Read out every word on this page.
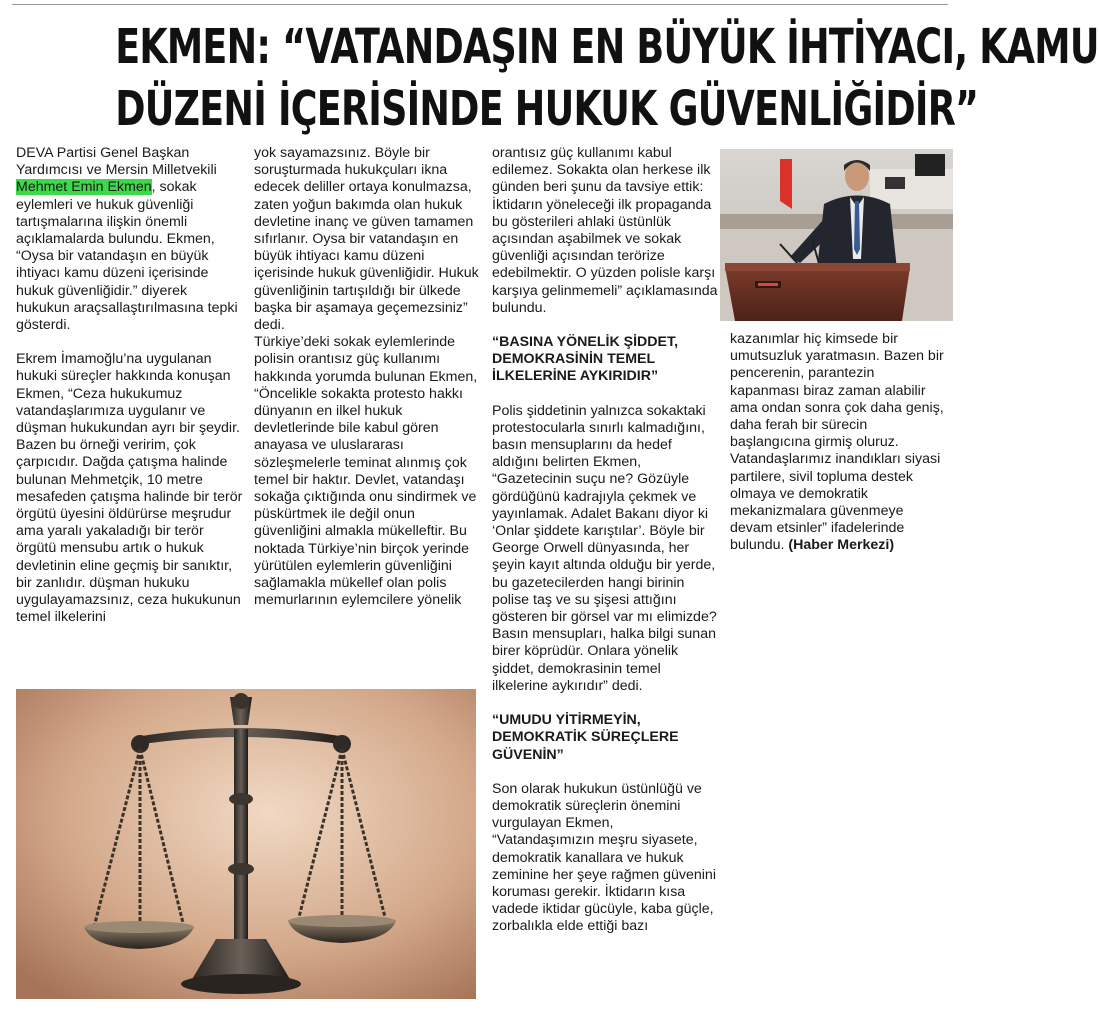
EKMEN: “VATANDAŞIN EN BÜYÜK İHTİYACI, KAMU
DÜZENİ İÇERİSİNDE HUKUK GÜVENLİĞİDİR”

DEVA Partisi Genel Başkan Yardımcısı ve Mersin Milletvekili Mehmet Emin Ekmen, sokak eylemleri ve hukuk güvenliği tartışmalarına ilişkin önemli açıklamalarda bulundu. Ekmen, “Oysa bir vatandaşın en büyük ihtiyacı kamu düzeni içerisinde hukuk güvenliğidir.” diyerek hukukun araçsallaştırılmasına tepki gösterdi.

Ekrem İmamoğlu’na uygulanan hukuki süreçler hakkında konuşan Ekmen, “Ceza hukukumuz vatandaşlarımıza uygulanır ve düşman hukukundan ayrı bir şeydir. Bazen bu örneği veririm, çok çarpıcıdır. Dağda çatışma halinde bulunan Mehmetçik, 10 metre mesafeden çatışma halinde bir terör örgütü üyesini öldürürse meşrudur ama yaralı yakaladığı bir terör örgütü mensubu artık o hukuk devletinin eline geçmiş bir sanıktır, bir zanlıdır. düşman hukuku uygulayamazsınız, ceza hukukunun temel ilkelerini

yok sayamazsınız. Böyle bir soruşturmada hukukçuları ikna edecek deliller ortaya konulmazsa, zaten yoğun bakımda olan hukuk devletine inanç ve güven tamamen sıfırlanır. Oysa bir vatandaşın en büyük ihtiyacı kamu düzeni içerisinde hukuk güvenliğidir. Hukuk güvenliğinin tartışıldığı bir ülkede başka bir aşamaya geçemezsiniz” dedi.

Türkiye’deki sokak eylemlerinde polisin orantısız güç kullanımı hakkında yorumda bulunan Ekmen, “Öncelikle sokakta protesto hakkı dünyanın en ilkel hukuk devletlerinde bile kabul gören anayasa ve uluslararası sözleşmelerle teminat alınmış çok temel bir haktır. Devlet, vatandaşı sokağa çıktığında onu sindirmek ve püskürtmek ile değil onun güvenliğini almakla mükelleftir. Bu noktada Türkiye’nin birçok yerinde yürütülen eylemlerin güvenliğini sağlamakla mükellef olan polis memurlarının eylemcilere yönelik

orantısız güç kullanımı kabul edilemez. Sokakta olan herkese ilk günden beri şunu da tavsiye ettik: İktidarın yöneleceği ilk propaganda bu gösterileri ahlaki üstünlük açısından aşabilmek ve sokak güvenliği açısından terörize edebilmektir. O yüzden polisle karşı karşıya gelinmemeli” açıklamasında bulundu.

“BASINA YÖNELİK ŞİDDET, DEMOKRASİNİN TEMEL İLKELERİNE AYKIRIDIR”

Polis şiddetinin yalnızca sokaktaki protestocularla sınırlı kalmadığını, basın mensuplarını da hedef aldığını belirten Ekmen, “Gazetecinin suçu ne? Gözüyle gördüğünü kadrajıyla çekmek ve yayınlamak. Adalet Bakanı diyor ki ‘Onlar şiddete karıştılar’. Böyle bir George Orwell dünyasında, her şeyin kayıt altında olduğu bir yerde, bu gazetecilerden hangi birinin polise taş ve su şişesi attığını gösteren bir görsel var mı elimizde? Basın mensupları, halka bilgi sunan birer köprüdür. Onlara yönelik şiddet, demokrasinin temel ilkelerine aykırıdır” dedi.

“UMUDU YİTİRMEYİN, DEMOKRATİK SÜREÇLERE GÜVENİN”

Son olarak hukukun üstünlüğü ve demokratik süreçlerin önemini vurgulayan Ekmen, “Vatandaşımızın meşru siyasete, demokratik kanallara ve hukuk zeminine her şeye rağmen güvenini koruması gerekir. İktidarın kısa vadede iktidar gücüyle, kaba güçle, zorbalıkla elde ettiği bazı

kazanımlar hiç kimsede bir umutsuzluk yaratmasın. Bazen bir pencerenin, parantezin kapanması biraz zaman alabilir ama ondan sonra çok daha geniş, daha ferah bir sürecin başlangıcına girmiş oluruz. Vatandaşlarımız inandıkları siyasi partilere, sivil topluma destek olmaya ve demokratik mekanizmalara güvenmeye devam etsinler” ifadelerinde bulundu. (Haber Merkezi)
